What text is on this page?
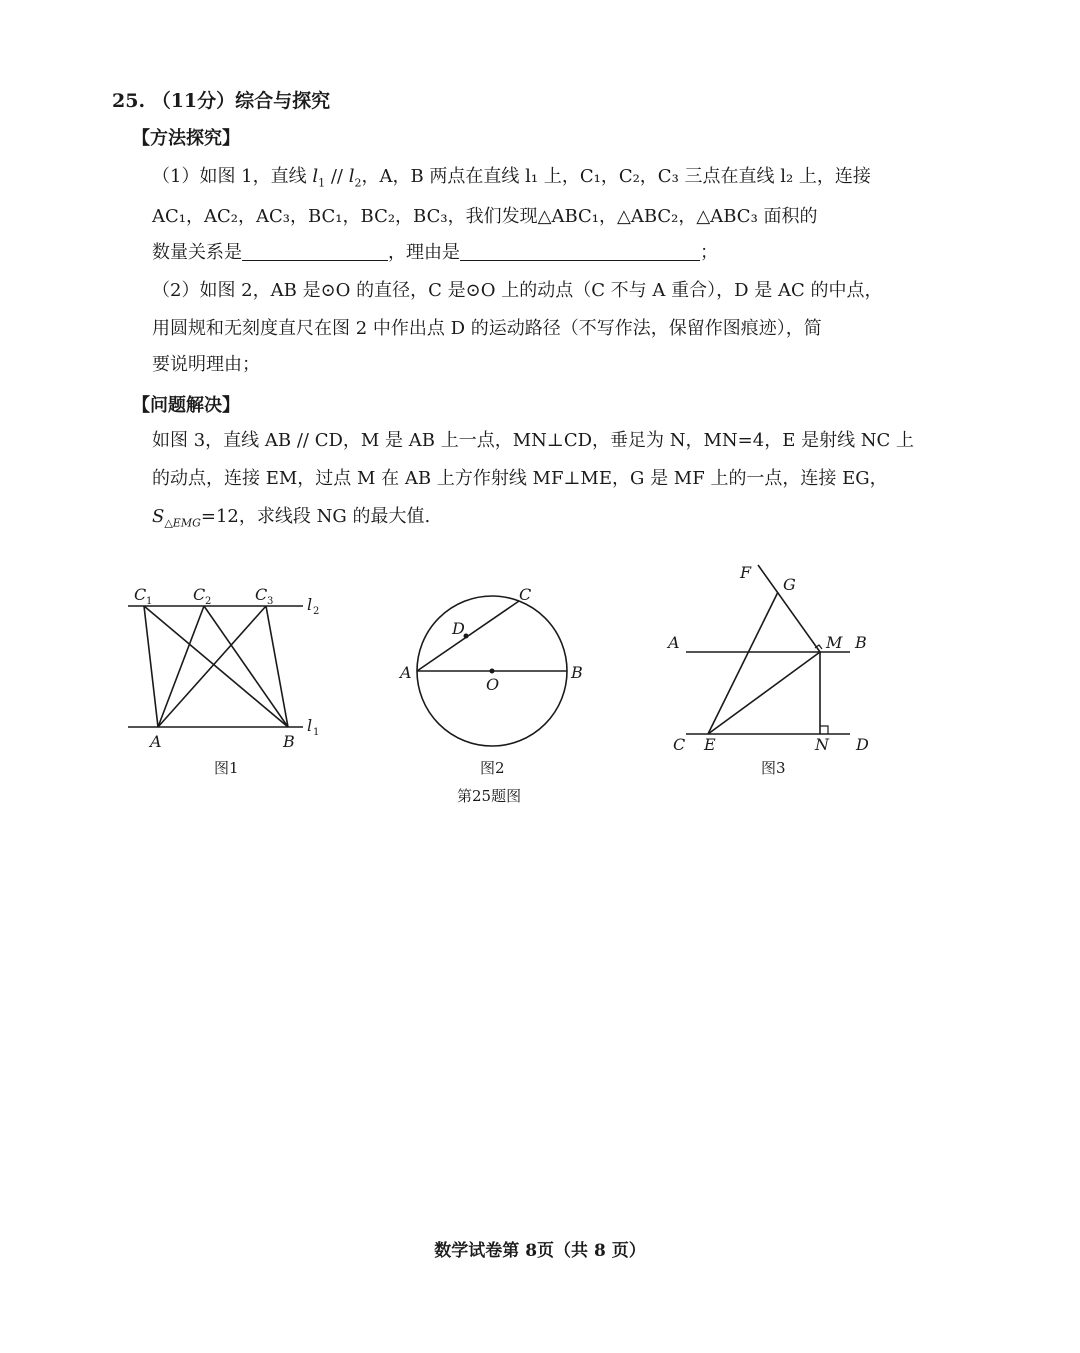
25. （11分）综合与探究
【方法探究】
（1）如图 1，直线 $l_1 // l_2$，A，B 两点在直线 l₁ 上，C₁，C₂，C₃ 三点在直线 l₂ 上，连接
AC₁，AC₂，AC₃，BC₁，BC₂，BC₃，我们发现△ABC₁，△ABC₂，△ABC₃ 面积的
数量关系是	，理由是	；
（2）如图 2，AB 是⊙O 的直径，C 是⊙O 上的动点（C 不与 A 重合），D 是 AC 的中点，
用圆规和无刻度直尺在图 2 中作出点 D 的运动路径（不写作法，保留作图痕迹），简
要说明理由；
【问题解决】
如图 3，直线 AB // CD，M 是 AB 上一点，MN⊥CD，垂足为 N，MN=4，E 是射线 NC 上
的动点，连接 EM，过点 M 在 AB 上方作射线 MF⊥ME，G 是 MF 上的一点，连接 EG，
$S_{\triangle EMG}=12$，求线段 NG 的最大值.
C 1	C 2	C 3 l 2
l 1
A	B
A	B
C
D
O
F
G
A	M B
C E	N D
图1	图2	图3
第25题图
数学试卷第 8页（共 8 页）
